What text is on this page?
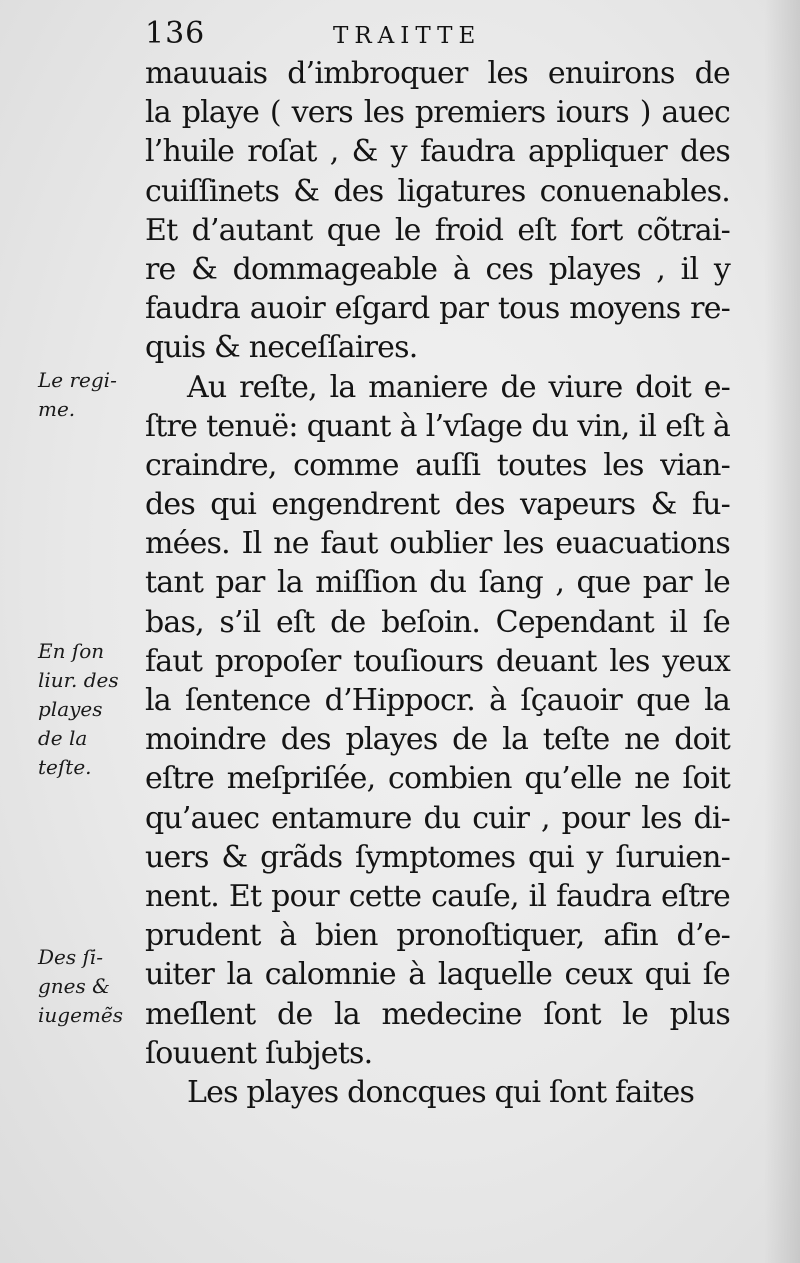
136	TRAITTE
mauuais d’imbroquer les enuirons de
la playe ( vers les premiers iours ) auec
l’huile roſat , & y faudra appliquer des
cuiſſinets & des ligatures conuenables.
Et d’autant que le froid eſt fort cõtrai-
re & dommageable à ces playes , il y
faudra auoir eſgard par tous moyens re-
quis & neceſſaires.
Au reſte, la maniere de viure doit e-
ſtre tenuë: quant à l’vſage du vin, il eſt à
craindre, comme auſſi toutes les vian-
des qui engendrent des vapeurs & fu-
mées. Il ne faut oublier les euacuations
tant par la miſſion du ſang , que par le
bas, s’il eſt de beſoin. Cependant il ſe
faut propoſer touſiours deuant les yeux
la ſentence d’Hippocr. à ſçauoir que la
moindre des playes de la teſte ne doit
eſtre meſpriſée, combien qu’elle ne ſoit
qu’auec entamure du cuir , pour les di-
uers & grãds ſymptomes qui y ſuruien-
nent. Et pour cette cauſe, il faudra eſtre
prudent à bien pronoſtiquer, afin d’e-
uiter la calomnie à laquelle ceux qui ſe
meſlent de la medecine ſont le plus
ſouuent ſubjets.
Les playes doncques qui ſont faites
Le regi-
me.
En ſon
liur. des
playes
de la
teſte.
Des ſi-
gnes &
iugemẽs
